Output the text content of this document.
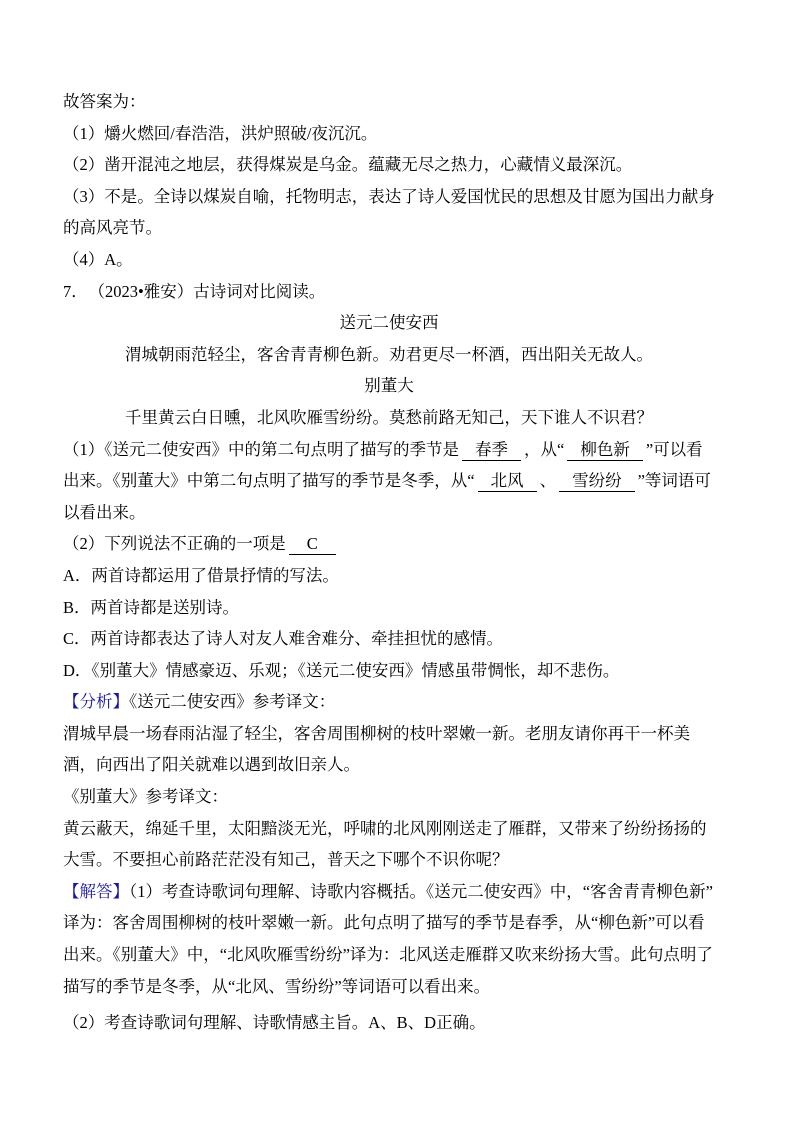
故答案为：

（1）爝火燃回/春浩浩，洪炉照破/夜沉沉。

（2）凿开混沌之地层，获得煤炭是乌金。蕴藏无尽之热力，心藏情义最深沉。

（3）不是。全诗以煤炭自喻，托物明志，表达了诗人爱国忧民的思想及甘愿为国出力献身的高风亮节。

（4）A。

7． （2023•雅安）古诗词对比阅读。

送元二使安西

渭城朝雨范轻尘，客舍青青柳色新。劝君更尽一杯酒，西出阳关无故人。

别董大

千里黄云白日曛，北风吹雁雪纷纷。莫愁前路无知己，天下谁人不识君？

（1）《送元二使安西》中的第二句点明了描写的季节是 春季 ，从“ 柳色新 ”可以看出来。《别董大》中第二句点明了描写的季节是冬季，从“ 北风 、 雪纷纷 ”等词语可以看出来。

（2）下列说法不正确的一项是 C

A．两首诗都运用了借景抒情的写法。

B．两首诗都是送别诗。

C．两首诗都表达了诗人对友人难舍难分、牵挂担忧的感情。

D．《别董大》情感豪迈、乐观；《送元二使安西》情感虽带惆怅，却不悲伤。

【分析】《送元二使安西》参考译文：

渭城早晨一场春雨沾湿了轻尘，客舍周围柳树的枝叶翠嫩一新。老朋友请你再干一杯美酒，向西出了阳关就难以遇到故旧亲人。

《别董大》参考译文：

黄云蔽天，绵延千里，太阳黯淡无光，呼啸的北风刚刚送走了雁群，又带来了纷纷扬扬的大雪。不要担心前路茫茫没有知己，普天之下哪个不识你呢？

【解答】（1）考查诗歌词句理解、诗歌内容概括。《送元二使安西》中，“客舍青青柳色新”译为：客舍周围柳树的枝叶翠嫩一新。此句点明了描写的季节是春季，从“柳色新”可以看出来。《别董大》中，“北风吹雁雪纷纷”译为：北风送走雁群又吹来纷扬大雪。此句点明了描写的季节是冬季，从“北风、雪纷纷”等词语可以看出来。

（2）考查诗歌词句理解、诗歌情感主旨。A、B、D正确。
